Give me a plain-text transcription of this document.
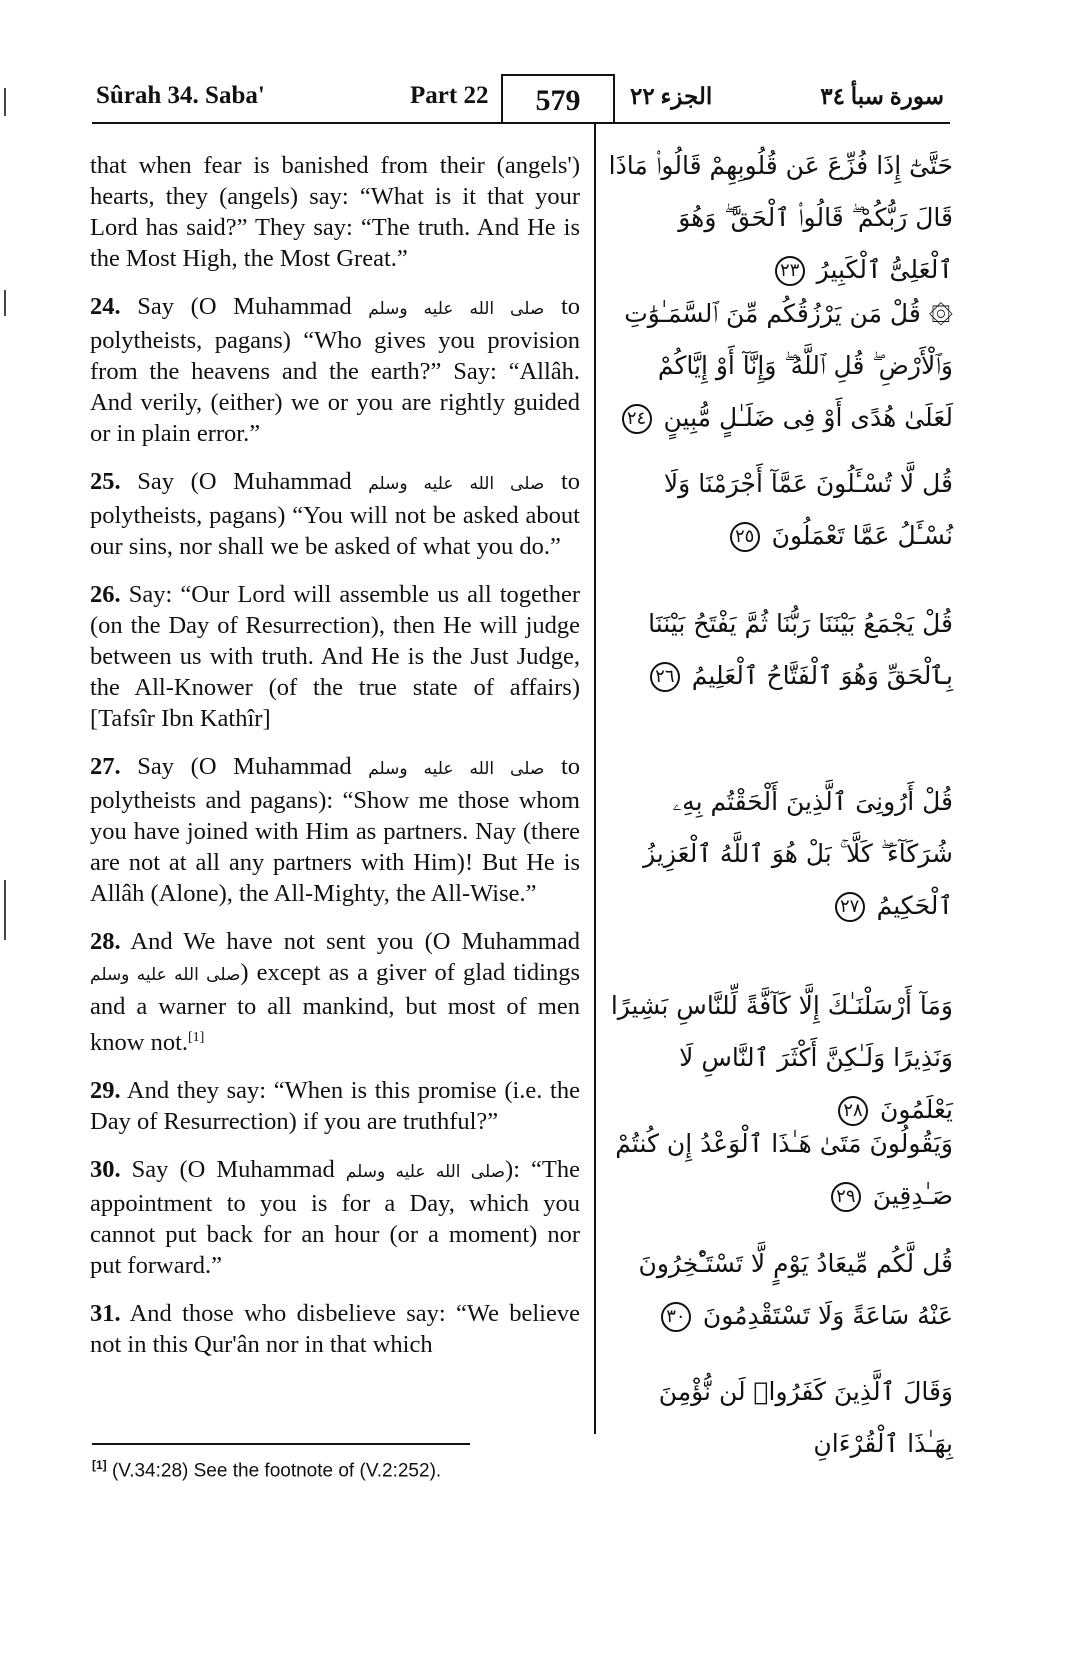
Sûrah 34. Saba'	Part 22	579	الجزء ٢٢	سورة سبأ ٣٤

that when fear is banished from their (angels') hearts, they (angels) say: “What is it that your Lord has said?” They say: “The truth. And He is the Most High, the Most Great.”

24. Say (O Muhammad صلى الله عليه وسلم to polytheists, pagans) “Who gives you provision from the heavens and the earth?” Say: “Allâh. And verily, (either) we or you are rightly guided or in plain error.”

25. Say (O Muhammad صلى الله عليه وسلم to polytheists, pagans) “You will not be asked about our sins, nor shall we be asked of what you do.”

26. Say: “Our Lord will assemble us all together (on the Day of Resurrection), then He will judge between us with truth. And He is the Just Judge, the All-Knower (of the true state of affairs) [Tafsîr Ibn Kathîr]

27. Say (O Muhammad صلى الله عليه وسلم to polytheists and pagans): “Show me those whom you have joined with Him as partners. Nay (there are not at all any partners with Him)! But He is Allâh (Alone), the All-Mighty, the All-Wise.”

28. And We have not sent you (O Muhammad صلى الله عليه وسلم) except as a giver of glad tidings and a warner to all mankind, but most of men know not.[1]

29. And they say: “When is this promise (i.e. the Day of Resurrection) if you are truthful?”

30. Say (O Muhammad صلى الله عليه وسلم): “The appointment to you is for a Day, which you cannot put back for an hour (or a moment) nor put forward.”

31. And those who disbelieve say: “We believe not in this Qur'ân nor in that which

حَتَّىٰٓ إِذَا فُزِّعَ عَن قُلُوبِهِمْ قَالُوا۟ مَاذَا قَالَ رَبُّكُمْ ۖ قَالُوا۟ ٱلْحَقَّ ۖ وَهُوَ ٱلْعَلِىُّ ٱلْكَبِيرُ ٢٣
۞ قُلْ مَن يَرْزُقُكُم مِّنَ ٱلسَّمَـٰوَٰتِ وَٱلْأَرْضِ ۖ قُلِ ٱللَّهُ ۖ وَإِنَّآ أَوْ إِيَّاكُمْ لَعَلَىٰ هُدًى أَوْ فِى ضَلَـٰلٍ مُّبِينٍ ٢٤
قُل لَّا تُسْـَٔلُونَ عَمَّآ أَجْرَمْنَا وَلَا نُسْـَٔلُ عَمَّا تَعْمَلُونَ ٢٥
قُلْ يَجْمَعُ بَيْنَنَا رَبُّنَا ثُمَّ يَفْتَحُ بَيْنَنَا بِٱلْحَقِّ وَهُوَ ٱلْفَتَّاحُ ٱلْعَلِيمُ ٢٦
قُلْ أَرُونِىَ ٱلَّذِينَ أَلْحَقْتُم بِهِۦ شُرَكَآءَ ۖ كَلَّا ۚ بَلْ هُوَ ٱللَّهُ ٱلْعَزِيزُ ٱلْحَكِيمُ ٢٧
وَمَآ أَرْسَلْنَـٰكَ إِلَّا كَآفَّةً لِّلنَّاسِ بَشِيرًا وَنَذِيرًا وَلَـٰكِنَّ أَكْثَرَ ٱلنَّاسِ لَا يَعْلَمُونَ ٢٨
وَيَقُولُونَ مَتَىٰ هَـٰذَا ٱلْوَعْدُ إِن كُنتُمْ صَـٰدِقِينَ ٢٩
قُل لَّكُم مِّيعَادُ يَوْمٍ لَّا تَسْتَـْٔخِرُونَ عَنْهُ سَاعَةً وَلَا تَسْتَقْدِمُونَ ٣٠
وَقَالَ ٱلَّذِينَ كَفَرُوا۟ لَن نُّؤْمِنَ بِهَـٰذَا ٱلْقُرْءَانِ
[1] (V.34:28) See the footnote of (V.2:252).
